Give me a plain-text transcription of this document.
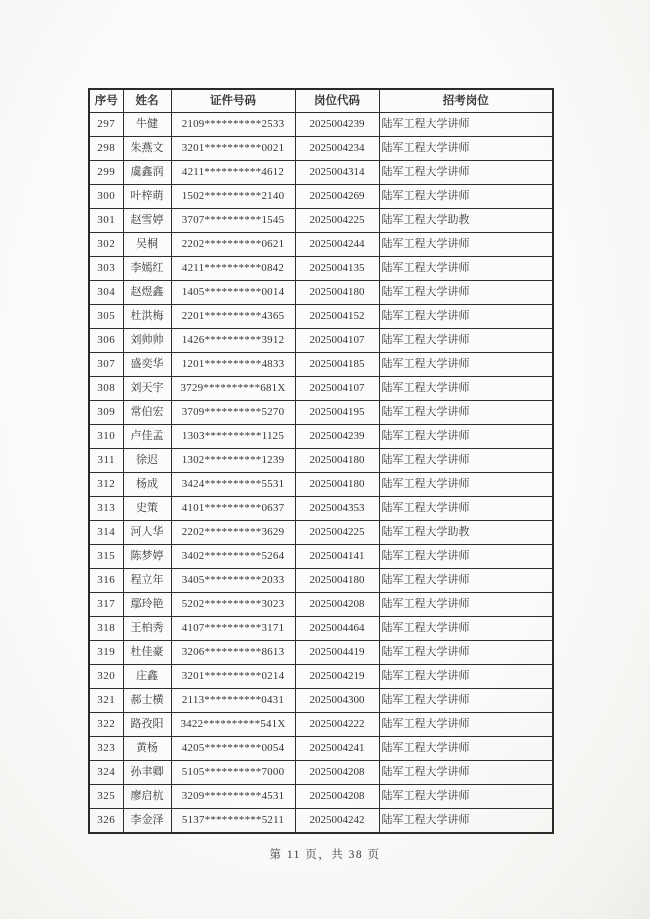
序号	姓名	证件号码	岗位代码	招考岗位
297	牛健	2109**********2533	2025004239	陆军工程大学讲师
298	朱燕文	3201**********0021	2025004234	陆军工程大学讲师
299	虞鑫润	4211**********4612	2025004314	陆军工程大学讲师
300	叶梓萌	1502**********2140	2025004269	陆军工程大学讲师
301	赵雪婷	3707**********1545	2025004225	陆军工程大学助教
302	吴桐	2202**********0621	2025004244	陆军工程大学讲师
303	李嫣红	4211**********0842	2025004135	陆军工程大学讲师
304	赵煜鑫	1405**********0014	2025004180	陆军工程大学讲师
305	杜洪梅	2201**********4365	2025004152	陆军工程大学讲师
306	刘帅帅	1426**********3912	2025004107	陆军工程大学讲师
307	盛奕华	1201**********4833	2025004185	陆军工程大学讲师
308	刘天宇	3729**********681X	2025004107	陆军工程大学讲师
309	常伯宏	3709**********5270	2025004195	陆军工程大学讲师
310	卢佳孟	1303**********1125	2025004239	陆军工程大学讲师
311	徐迟	1302**********1239	2025004180	陆军工程大学讲师
312	杨成	3424**********5531	2025004180	陆军工程大学讲师
313	史策	4101**********0637	2025004353	陆军工程大学讲师
314	河人华	2202**********3629	2025004225	陆军工程大学助教
315	陈梦婷	3402**********5264	2025004141	陆军工程大学讲师
316	程立年	3405**********2033	2025004180	陆军工程大学讲师
317	鄢玲艳	5202**********3023	2025004208	陆军工程大学讲师
318	王柏秀	4107**********3171	2025004464	陆军工程大学讲师
319	杜佳豪	3206**********8613	2025004419	陆军工程大学讲师
320	庄鑫	3201**********0214	2025004219	陆军工程大学讲师
321	郝士横	2113**********0431	2025004300	陆军工程大学讲师
322	路孜阳	3422**********541X	2025004222	陆军工程大学讲师
323	黄杨	4205**********0054	2025004241	陆军工程大学讲师
324	孙聿卿	5105**********7000	2025004208	陆军工程大学讲师
325	廖启杭	3209**********4531	2025004208	陆军工程大学讲师
326	李金泽	5137**********5211	2025004242	陆军工程大学讲师
第 11 页，共 38 页
